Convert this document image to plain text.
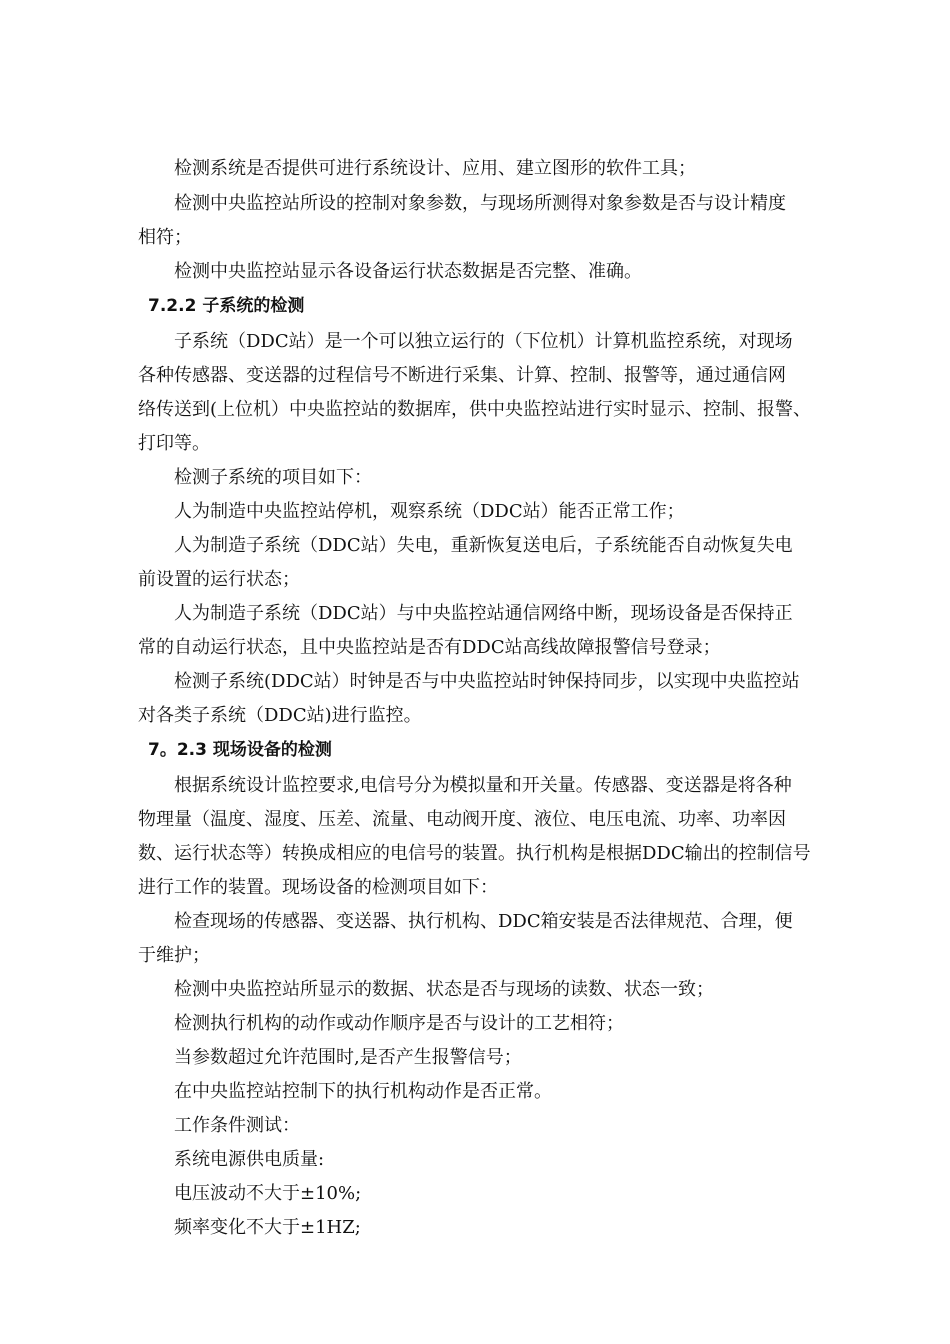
检测系统是否提供可进行系统设计、应用、建立图形的软件工具；
检测中央监控站所设的控制对象参数，与现场所测得对象参数是否与设计精度
相符；
检测中央监控站显示各设备运行状态数据是否完整、准确。
7.2.2 子系统的检测
子系统（DDC站）是一个可以独立运行的（下位机）计算机监控系统，对现场
各种传感器、变送器的过程信号不断进行采集、计算、控制、报警等，通过通信网
络传送到(上位机）中央监控站的数据库，供中央监控站进行实时显示、控制、报警、
打印等。
检测子系统的项目如下：
人为制造中央监控站停机，观察系统（DDC站）能否正常工作；
人为制造子系统（DDC站）失电，重新恢复送电后，子系统能否自动恢复失电
前设置的运行状态；
人为制造子系统（DDC站）与中央监控站通信网络中断，现场设备是否保持正
常的自动运行状态，且中央监控站是否有DDC站高线故障报警信号登录；
检测子系统(DDC站）时钟是否与中央监控站时钟保持同步，以实现中央监控站
对各类子系统（DDC站)进行监控。
7。2.3 现场设备的检测
根据系统设计监控要求,电信号分为模拟量和开关量。传感器、变送器是将各种
物理量（温度、湿度、压差、流量、电动阀开度、液位、电压电流、功率、功率因
数、运行状态等）转换成相应的电信号的装置。执行机构是根据DDC输出的控制信号
进行工作的装置。现场设备的检测项目如下：
检查现场的传感器、变送器、执行机构、DDC箱安装是否法律规范、合理，便
于维护；
检测中央监控站所显示的数据、状态是否与现场的读数、状态一致；
检测执行机构的动作或动作顺序是否与设计的工艺相符；
当参数超过允许范围时,是否产生报警信号；
在中央监控站控制下的执行机构动作是否正常。
工作条件测试：
系统电源供电质量:
电压波动不大于±10%;
频率变化不大于±1HZ;
